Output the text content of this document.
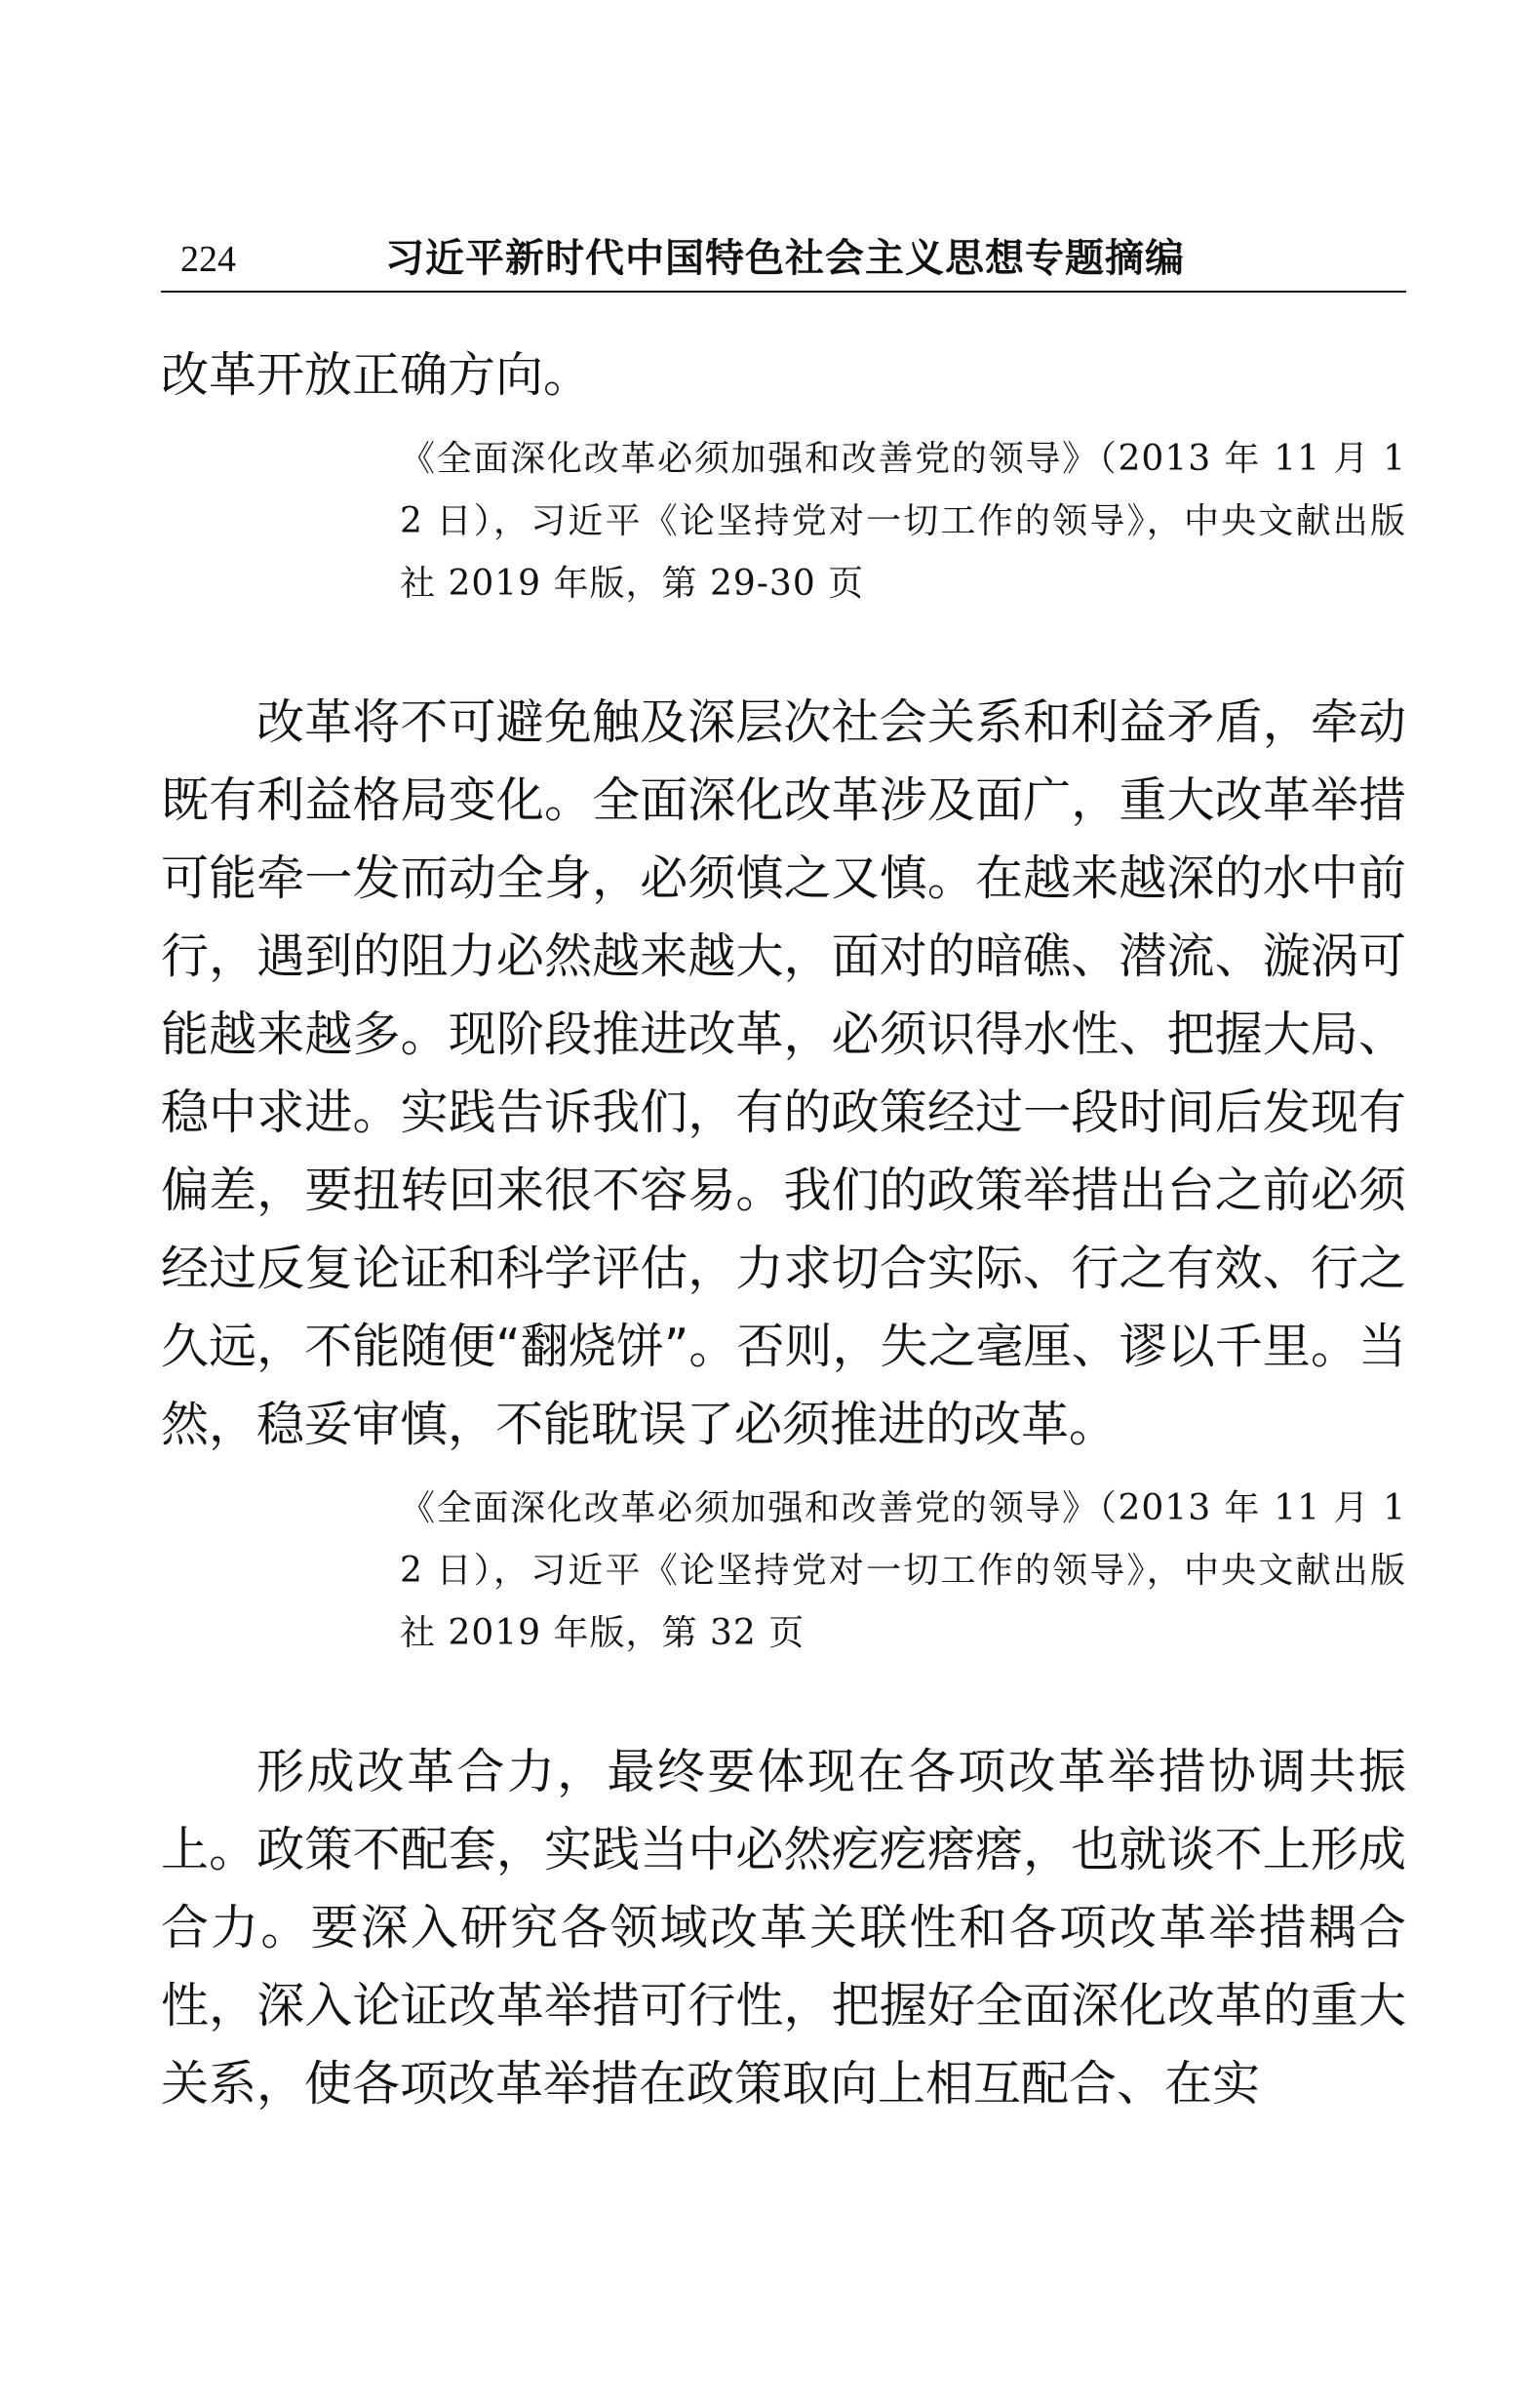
224	习近平新时代中国特色社会主义思想专题摘编

改革开放正确方向。

《全面深化改革必须加强和改善党的领导》（2013 年 11 月 12 日），习近平《论坚持党对一切工作的领导》，中央文献出版社 2019 年版，第 29-30 页

改革将不可避免触及深层次社会关系和利益矛盾，牵动既有利益格局变化。全面深化改革涉及面广，重大改革举措可能牵一发而动全身，必须慎之又慎。在越来越深的水中前行，遇到的阻力必然越来越大，面对的暗礁、潜流、漩涡可能越来越多。现阶段推进改革，必须识得水性、把握大局、稳中求进。实践告诉我们，有的政策经过一段时间后发现有偏差，要扭转回来很不容易。我们的政策举措出台之前必须经过反复论证和科学评估，力求切合实际、行之有效、行之久远，不能随便“翻烧饼”。否则，失之毫厘、谬以千里。当然，稳妥审慎，不能耽误了必须推进的改革。

《全面深化改革必须加强和改善党的领导》（2013 年 11 月 12 日），习近平《论坚持党对一切工作的领导》，中央文献出版社 2019 年版，第 32 页

形成改革合力，最终要体现在各项改革举措协调共振上。政策不配套，实践当中必然疙疙瘩瘩，也就谈不上形成合力。要深入研究各领域改革关联性和各项改革举措耦合性，深入论证改革举措可行性，把握好全面深化改革的重大关系，使各项改革举措在政策取向上相互配合、在实
